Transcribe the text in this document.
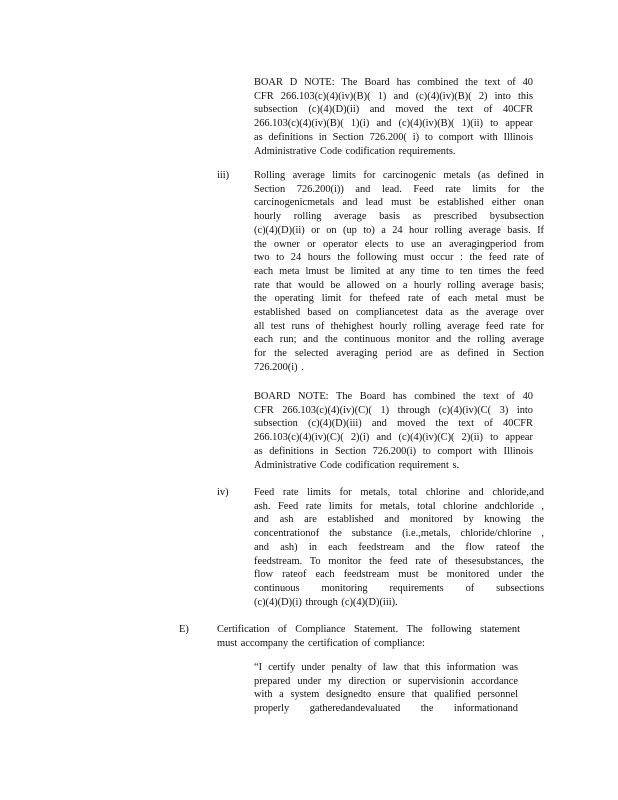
BOAR D NOTE: The Board has combined the text of 40
CFR 266.103(c)(4)(iv)(B)( 1) and (c)(4)(iv)(B)( 2) into this
subsection (c)(4)(D)(ii) and moved the text of 40CFR
266.103(c)(4)(iv)(B)( 1)(i) and (c)(4)(iv)(B)( 1)(ii) to appear
as definitions in Section 726.200( i) to comport with Illinois
Administrative Code codification requirements.
iii) Rolling average limits for carcinogenic metals (as defined in
Section 726.200(i)) and lead. Feed rate limits for the
carcinogenicmetals and lead must be established either onan
hourly rolling average basis as prescribed bysubsection
(c)(4)(D)(ii) or on (up to) a 24 hour rolling average basis. If
the owner or operator elects to use an averagingperiod from
two to 24 hours the following must occur : the feed rate of
each meta lmust be limited at any time to ten times the feed
rate that would be allowed on a hourly rolling average basis;
the operating limit for thefeed rate of each metal must be
established based on compliancetest data as the average over
all test runs of thehighest hourly rolling average feed rate for
each run; and the continuous monitor and the rolling average
for the selected averaging period are as defined in Section
726.200(i) .
BOARD NOTE: The Board has combined the text of 40
CFR 266.103(c)(4)(iv)(C)( 1) through (c)(4)(iv)(C( 3) into
subsection (c)(4)(D)(iii) and moved the text of 40CFR
266.103(c)(4)(iv)(C)( 2)(i) and (c)(4)(iv)(C)( 2)(ii) to appear
as definitions in Section 726.200(i) to comport with Illinois
Administrative Code codification requirement s.
iv) Feed rate limits for metals, total chlorine and chloride,and
ash. Feed rate limits for metals, total chlorine andchloride ,
and ash are established and monitored by knowing the
concentrationof the substance (i.e.,metals, chloride/chlorine ,
and ash) in each feedstream and the flow rateof the
feedstream. To monitor the feed rate of thesesubstances, the
flow rateof each feedstream must be monitored under the
continuous monitoring requirements of subsections
(c)(4)(D)(i) through (c)(4)(D)(iii).
E)	Certification of Compliance Statement. The following statement
must accompany the certification of compliance:
“I certify under penalty of law that this information was
prepared under my direction or supervisionin accordance
with a system designedto ensure that qualified personnel
properly gatheredandevaluated the informationand
